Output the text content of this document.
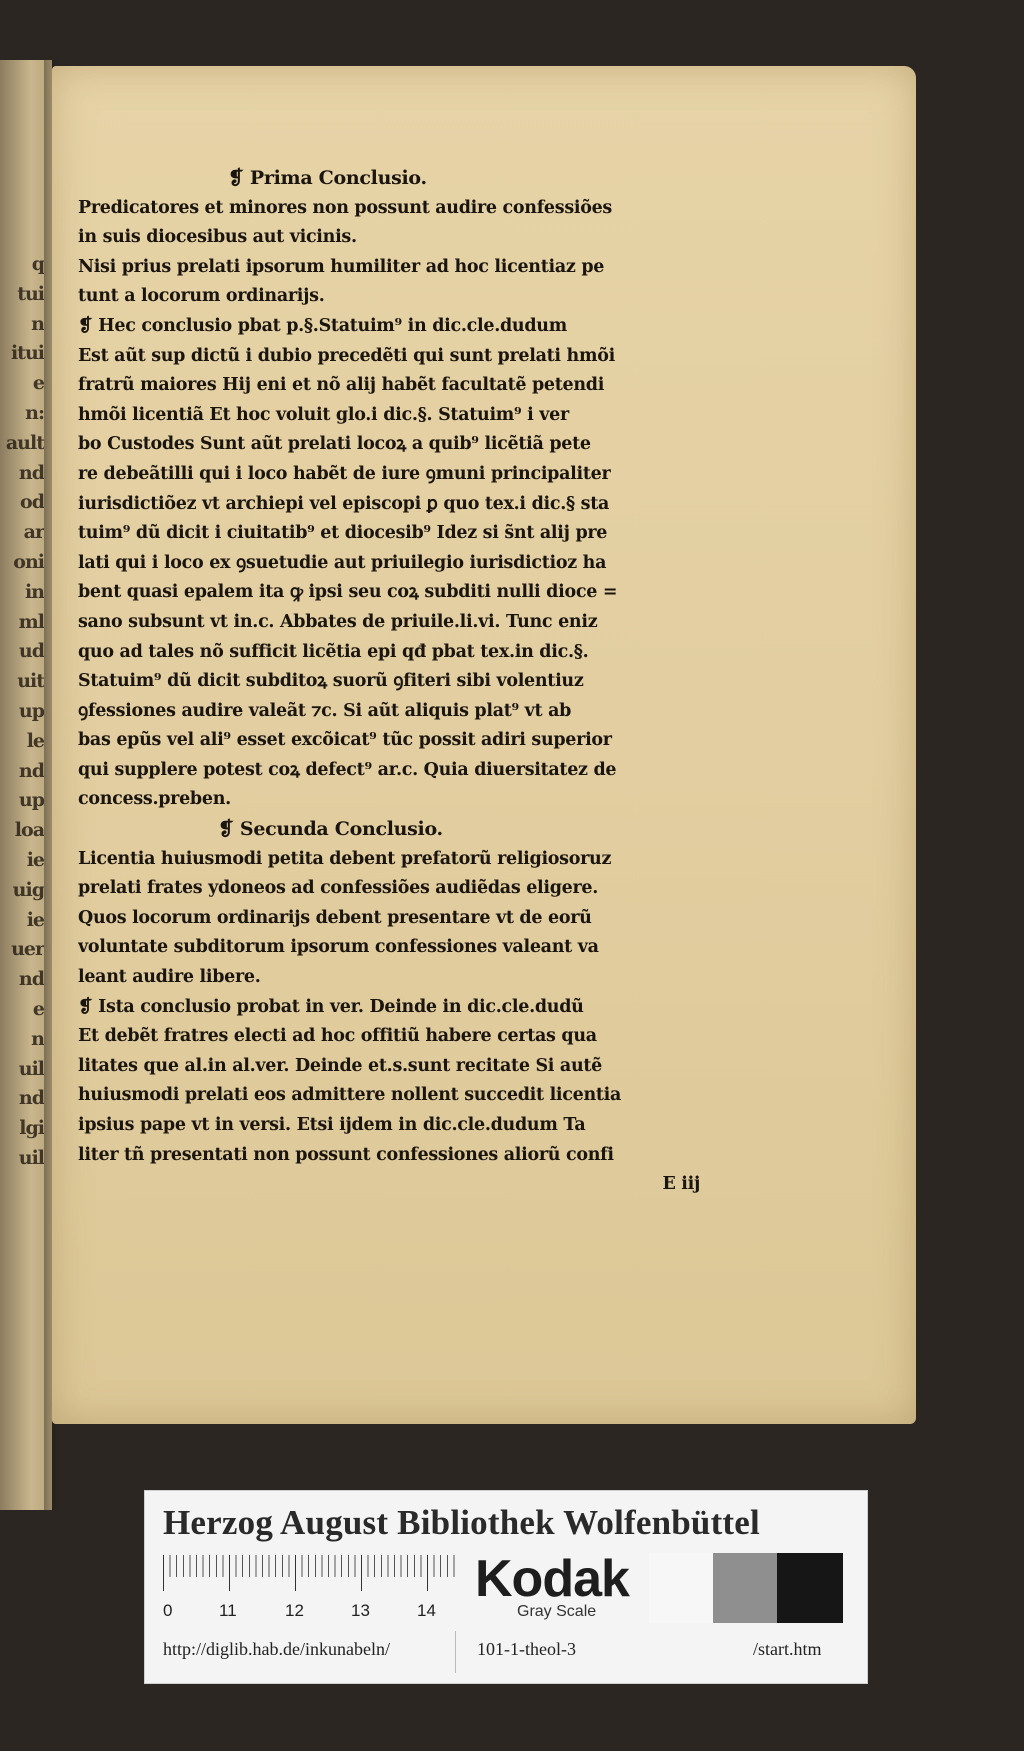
q
tui
n
itui
e
n:
ault
nd
od
ar
oni
in
ml
ud
uit
up
le
nd
up
loa
ie
uig
ie
uer
nd
e
n
uil
nd
lgi
uil
❡ Prima Conclusio.
Predicatores et minores non possunt audire confessiões
in suis diocesibus aut vicinis.
Nisi prius prelati ipsorum humiliter ad hoc licentiaz pe
tunt a locorum ordinarijs.
❡ Hec conclusio pbat p.§.Statuim⁹ in dic.cle.dudum
Est aũt sup dictũ i dubio precedẽti qui sunt prelati hmõi
fratrũ maiores Hij eni et nõ alij habẽt facultatẽ petendi
hmõi licentiã Et hoc voluit glo.i dic.§. Statuim⁹ i ver
bo Custodes Sunt aũt prelati locoꝝ a quib⁹ licẽtiã pete
re debeãtilli qui i loco habẽt de iure ꝯmuni principaliter
iurisdictiõez vt archiepi vel episcopi ꝑ quo tex.i dic.§ sta
tuim⁹ dũ dicit i ciuitatib⁹ et diocesib⁹ Idez si s̃nt alij pre
lati qui i loco ex ꝯsuetudie aut priuilegio iurisdictioz ha
bent quasi epalem ita ꝙ ipsi seu coꝝ subditi nulli dioce =
sano subsunt vt in.c. Abbates de priuile.li.vi. Tunc eniz
quo ad tales nõ sufficit licẽtia epi qđ pbat tex.in dic.§.
Statuim⁹ dũ dicit subditoꝝ suorũ ꝯfiteri sibi volentiuz
ꝯfessiones audire valeãt ⁊c. Si aũt aliquis plat⁹ vt ab
bas epũs vel ali⁹ esset excõicat⁹ tũc possit adiri superior
qui supplere potest coꝝ defect⁹ ar.c. Quia diuersitatez de
concess.preben.
❡ Secunda Conclusio.
Licentia huiusmodi petita debent prefatorũ religiosoruz
prelati frates ydoneos ad confessiões audiẽdas eligere.
Quos locorum ordinarijs debent presentare vt de eorũ
voluntate subditorum ipsorum confessiones valeant va
leant audire libere.
❡ Ista conclusio probat in ver. Deinde in dic.cle.dudũ
Et debẽt fratres electi ad hoc offitiũ habere certas qua
litates que al.in al.ver. Deinde et.s.sunt recitate Si autẽ
huiusmodi prelati eos admittere nollent succedit licentia
ipsius pape vt in versi. Etsi ijdem in dic.cle.dudum Ta
liter tñ presentati non possunt confessiones aliorũ confi
E iij
Herzog August Bibliothek Wolfenbüttel
0	11	12	13	14
Kodak
Gray Scale
http://diglib.hab.de/inkunabeln/	101-1-theol-3	/start.htm
